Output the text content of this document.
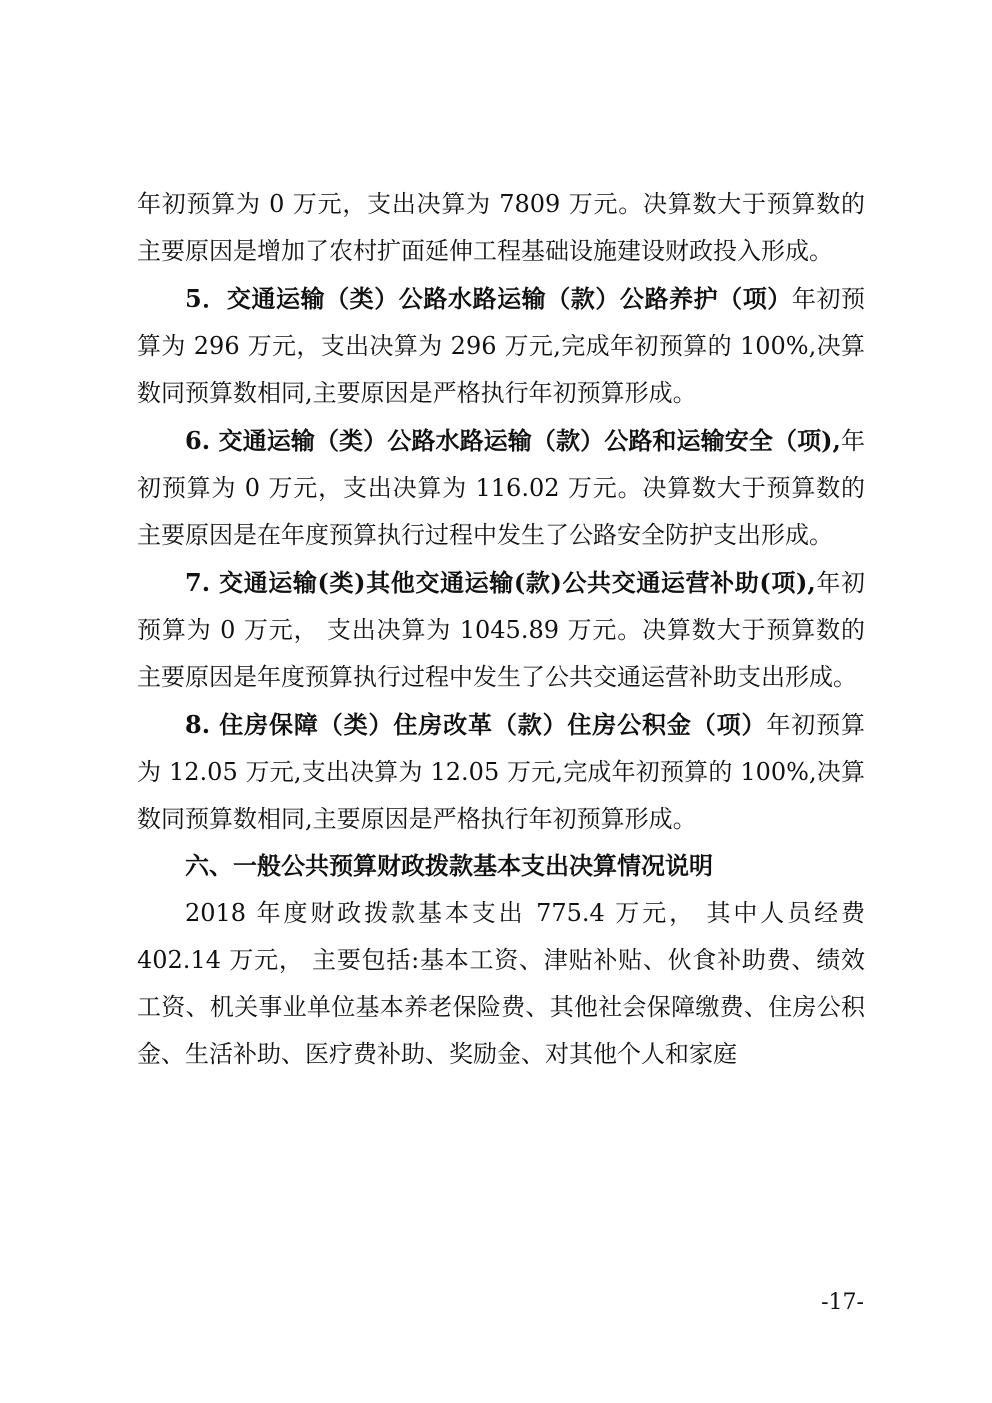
年初预算为 0 万元，支出决算为 7809 万元。决算数大于预算数的主要原因是增加了农村扩面延伸工程基础设施建设财政投入形成。

5．交通运输（类）公路水路运输（款）公路养护（项）年初预算为 296 万元，支出决算为 296 万元,完成年初预算的 100%,决算数同预算数相同,主要原因是严格执行年初预算形成。

6. 交通运输（类）公路水路运输（款）公路和运输安全（项),年初预算为 0 万元，支出决算为 116.02 万元。决算数大于预算数的主要原因是在年度预算执行过程中发生了公路安全防护支出形成。

7. 交通运输(类)其他交通运输(款)公共交通运营补助(项),年初预算为 0 万元， 支出决算为 1045.89 万元。决算数大于预算数的主要原因是年度预算执行过程中发生了公共交通运营补助支出形成。

8. 住房保障（类）住房改革（款）住房公积金（项）年初预算为 12.05 万元,支出决算为 12.05 万元,完成年初预算的 100%,决算数同预算数相同,主要原因是严格执行年初预算形成。

六、一般公共预算财政拨款基本支出决算情况说明

2018 年度财政拨款基本支出 775.4 万元， 其中人员经费402.14 万元， 主要包括:基本工资、津贴补贴、伙食补助费、绩效工资、机关事业单位基本养老保险费、其他社会保障缴费、住房公积金、生活补助、医疗费补助、奖励金、对其他个人和家庭

-17-
